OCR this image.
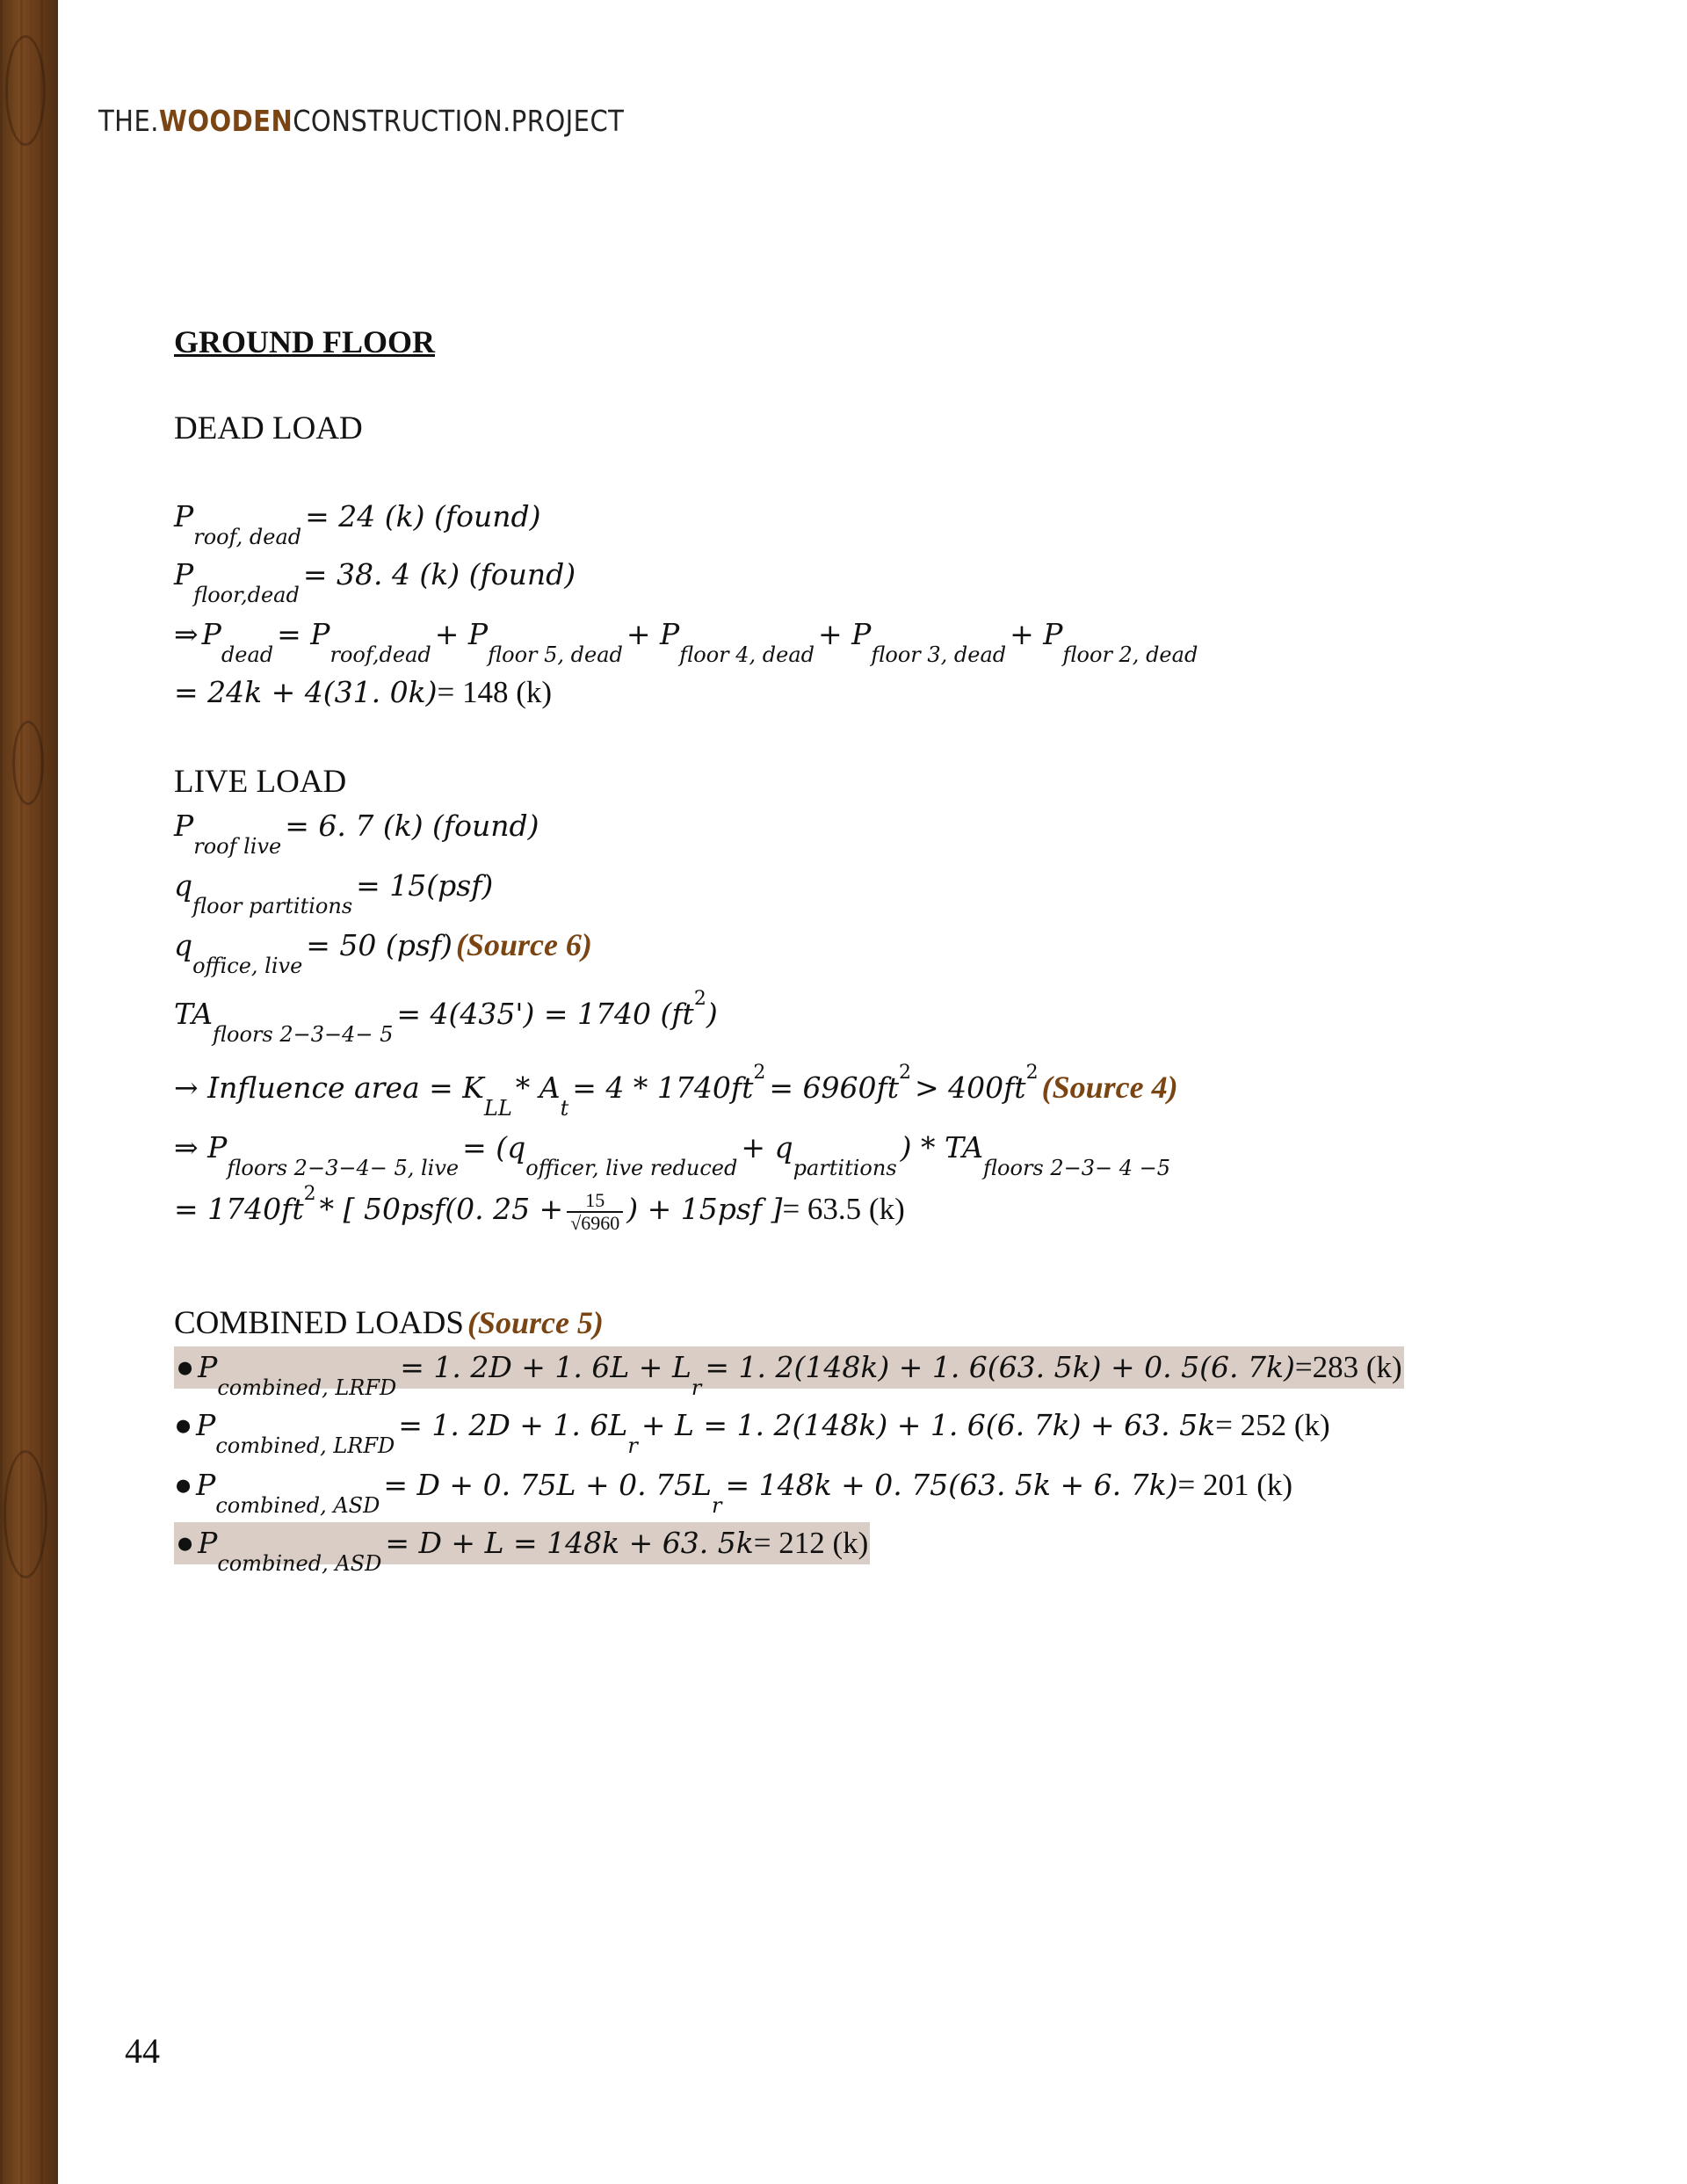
THE.WOODENCONSTRUCTION.PROJECT
GROUND FLOOR
DEAD LOAD
Proof, dead = 24 (k) (found)
Pfloor,dead = 38. 4 (k) (found)
⇒ Pdead = Proof,dead + Pfloor 5, dead + Pfloor 4, dead + Pfloor 3, dead + Pfloor 2, dead
= 24k + 4(31. 0k)= 148 (k)
LIVE LOAD
Proof live = 6. 7 (k) (found)
qfloor partitions = 15(psf)
qoffice, live = 50 (psf) (Source 6)
TAfloors 2−3−4− 5 = 4(435') = 1740 (ft2)
→ Influence area = KLL * At = 4 * 1740ft2 = 6960ft2 > 400ft2 (Source 4)
⇒ Pfloors 2−3−4− 5, live = (qofficer, live reduced + qpartitions ) * TAfloors 2−3− 4 −5
= 1740ft2 * [ 50psf(0. $25 + \frac{15}{√6960}$ ) + 15psf ]= 63.5 (k)
COMBINED LOADS (Source 5)
● Pcombined, LRFD = 1. 2D + 1. 6L + Lr = 1. 2(148k) + 1. 6(63. 5k) + 0. 5(6. 7k)=283 (k)
● Pcombined, LRFD = 1. 2D + 1. 6Lr + L = 1. 2(148k) + 1. 6(6. 7k) + 63. 5k= 252 (k)
● Pcombined, ASD = D + 0. 75L + 0. 75Lr = 148k + 0. 75(63. 5k + 6. 7k)= 201 (k)
● Pcombined, ASD = D + L = 148k + 63. 5k= 212 (k)
44
